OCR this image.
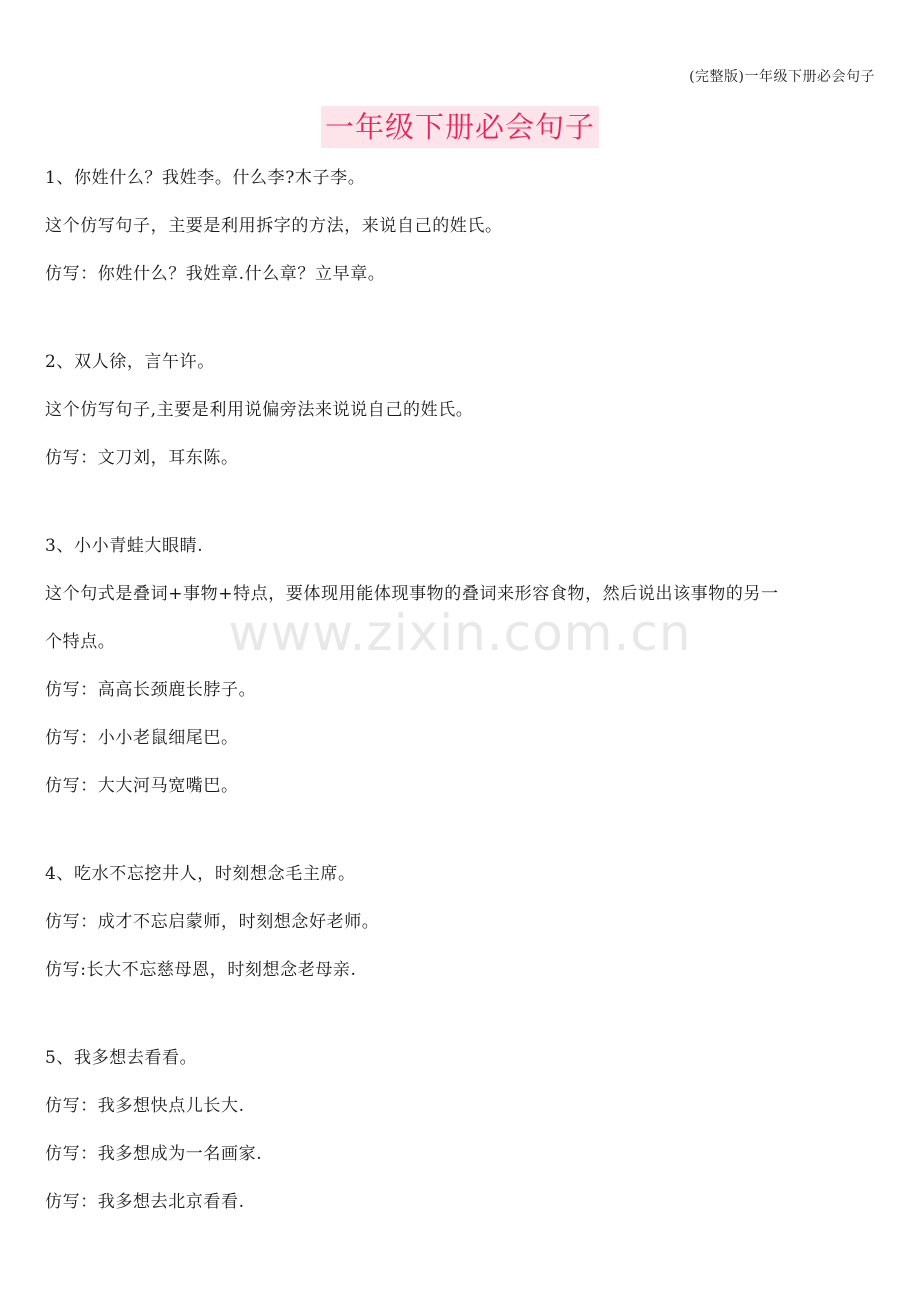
(完整版)一年级下册必会句子
一年级下册必会句子
www.zixin.com.cn
1、你姓什么？我姓李。什么李?木子李。
这个仿写句子，主要是利用拆字的方法，来说自己的姓氏。
仿写：你姓什么？我姓章.什么章？立早章。
2、双人徐，言午许。
这个仿写句子,主要是利用说偏旁法来说说自己的姓氏。
仿写：文刀刘，耳东陈。
3、小小青蛙大眼睛.
这个句式是叠词+事物+特点，要体现用能体现事物的叠词来形容食物，然后说出该事物的另一
个特点。
仿写：高高长颈鹿长脖子。
仿写：小小老鼠细尾巴。
仿写：大大河马宽嘴巴。
4、吃水不忘挖井人，时刻想念毛主席。
仿写：成才不忘启蒙师，时刻想念好老师。
仿写:长大不忘慈母恩，时刻想念老母亲.
5、我多想去看看。
仿写：我多想快点儿长大.
仿写：我多想成为一名画家.
仿写：我多想去北京看看.
